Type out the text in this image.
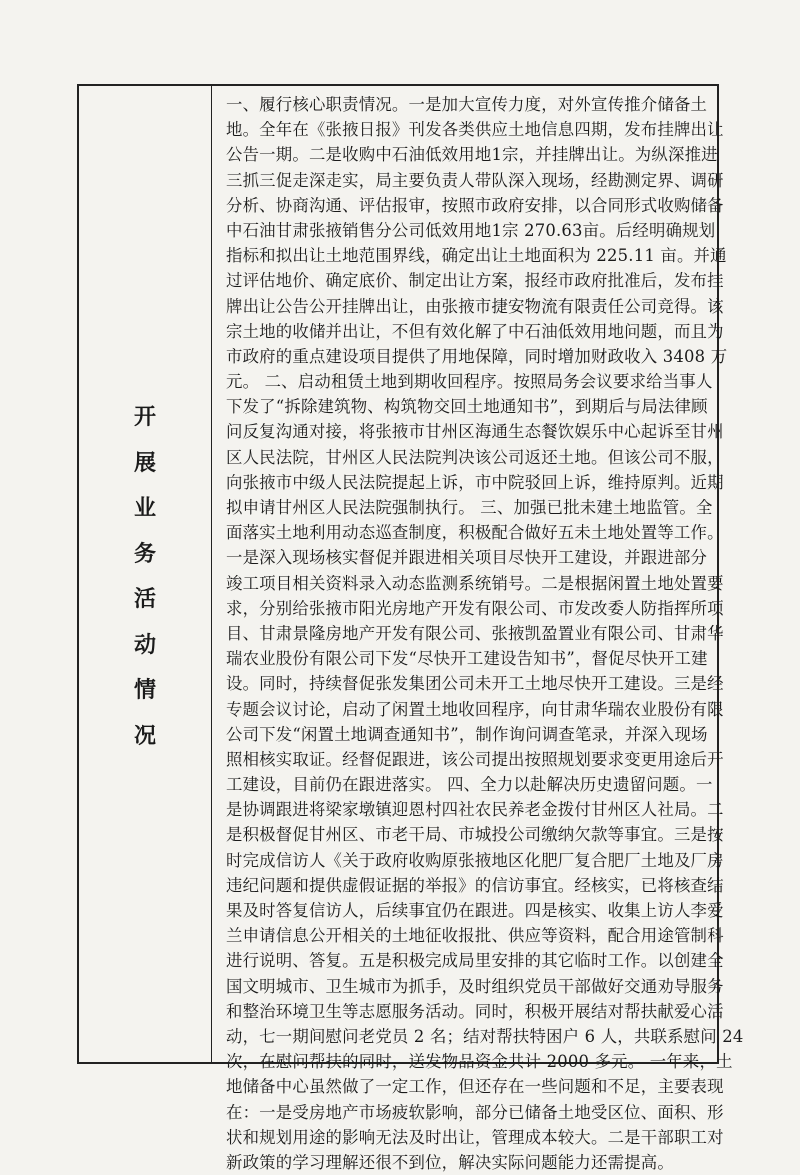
开
展
业
务
活
动
情
况
一、履行核心职责情况。一是加大宣传力度，对外宣传推介储备土
地。全年在《张掖日报》刊发各类供应土地信息四期，发布挂牌出让
公告一期。二是收购中石油低效用地1宗，并挂牌出让。为纵深推进
三抓三促走深走实，局主要负责人带队深入现场，经勘测定界、调研
分析、协商沟通、评估报审，按照市政府安排，以合同形式收购储备
中石油甘肃张掖销售分公司低效用地1宗 270.63亩。后经明确规划
指标和拟出让土地范围界线，确定出让土地面积为 225.11 亩。并通
过评估地价、确定底价、制定出让方案，报经市政府批准后，发布挂
牌出让公告公开挂牌出让，由张掖市捷安物流有限责任公司竞得。该
宗土地的收储并出让，不但有效化解了中石油低效用地问题，而且为
市政府的重点建设项目提供了用地保障，同时增加财政收入 3408 万
元。 二、启动租赁土地到期收回程序。按照局务会议要求给当事人
下发了“拆除建筑物、构筑物交回土地通知书”，到期后与局法律顾
问反复沟通对接，将张掖市甘州区海通生态餐饮娱乐中心起诉至甘州
区人民法院，甘州区人民法院判决该公司返还土地。但该公司不服，
向张掖市中级人民法院提起上诉，市中院驳回上诉，维持原判。近期
拟申请甘州区人民法院强制执行。 三、加强已批未建土地监管。全
面落实土地利用动态巡查制度，积极配合做好五未土地处置等工作。
一是深入现场核实督促并跟进相关项目尽快开工建设，并跟进部分
竣工项目相关资料录入动态监测系统销号。二是根据闲置土地处置要
求，分别给张掖市阳光房地产开发有限公司、市发改委人防指挥所项
目、甘肃景隆房地产开发有限公司、张掖凯盈置业有限公司、甘肃华
瑞农业股份有限公司下发“尽快开工建设告知书”，督促尽快开工建
设。同时，持续督促张发集团公司未开工土地尽快开工建设。三是经
专题会议讨论，启动了闲置土地收回程序，向甘肃华瑞农业股份有限
公司下发“闲置土地调查通知书”，制作询问调查笔录，并深入现场
照相核实取证。经督促跟进，该公司提出按照规划要求变更用途后开
工建设，目前仍在跟进落实。 四、全力以赴解决历史遗留问题。一
是协调跟进将梁家墩镇迎恩村四社农民养老金拨付甘州区人社局。二
是积极督促甘州区、市老干局、市城投公司缴纳欠款等事宜。三是按
时完成信访人《关于政府收购原张掖地区化肥厂复合肥厂土地及厂房
违纪问题和提供虚假证据的举报》的信访事宜。经核实，已将核查结
果及时答复信访人，后续事宜仍在跟进。四是核实、收集上访人李爱
兰申请信息公开相关的土地征收报批、供应等资料，配合用途管制科
进行说明、答复。五是积极完成局里安排的其它临时工作。以创建全
国文明城市、卫生城市为抓手，及时组织党员干部做好交通劝导服务
和整治环境卫生等志愿服务活动。同时，积极开展结对帮扶献爱心活
动，七一期间慰问老党员 2 名；结对帮扶特困户 6 人，共联系慰问 24
次，在慰问帮扶的同时，送发物品资金共计 2000 多元。 一年来，土
地储备中心虽然做了一定工作，但还存在一些问题和不足，主要表现
在：一是受房地产市场疲软影响，部分已储备土地受区位、面积、形
状和规划用途的影响无法及时出让，管理成本较大。二是干部职工对
新政策的学习理解还很不到位，解决实际问题能力还需提高。
